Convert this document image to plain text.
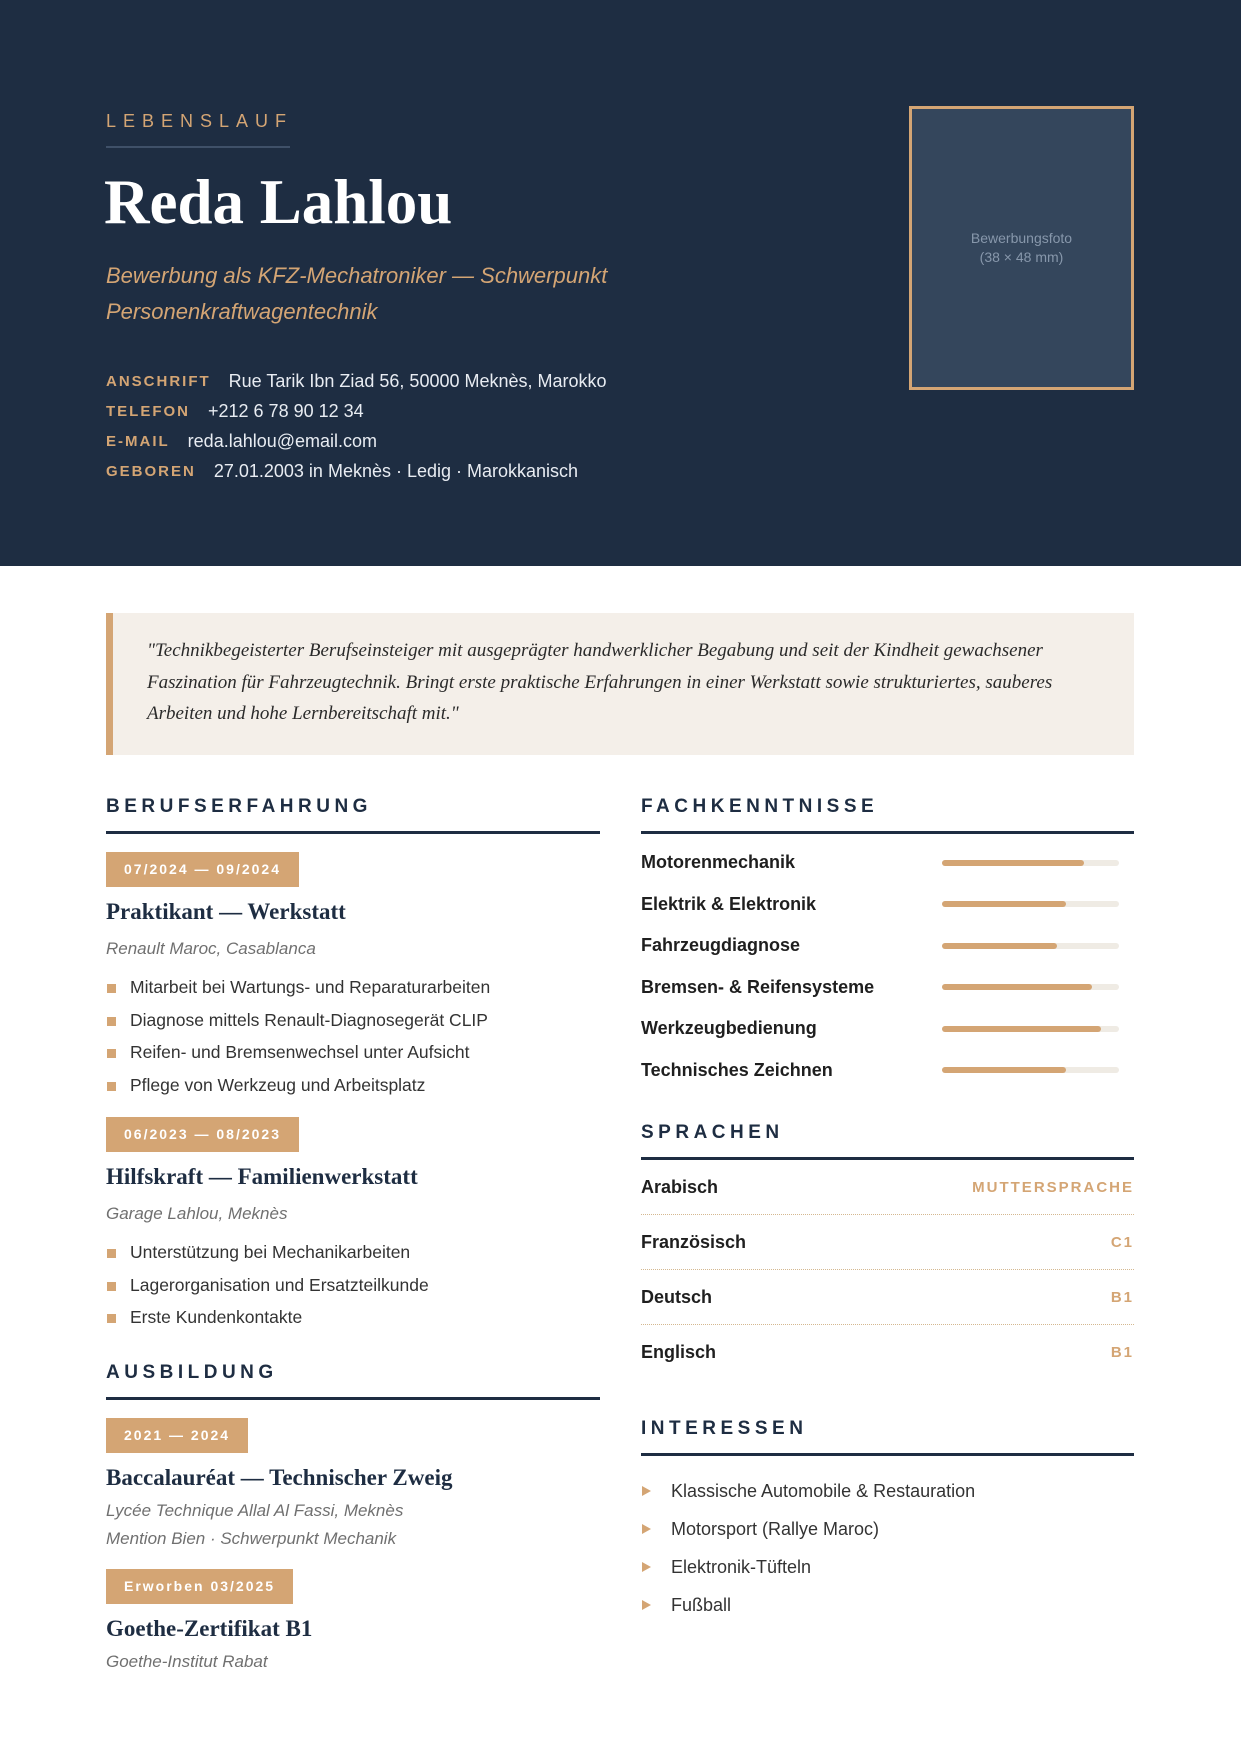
LEBENSLAUF
Reda Lahlou
Bewerbung als KFZ-Mechatroniker — Schwerpunkt Personenkraftwagentechnik
ANSCHRIFT Rue Tarik Ibn Ziad 56, 50000 Meknès, Marokko
TELEFON +212 6 78 90 12 34
E-MAIL reda.lahlou@email.com
GEBOREN 27.01.2003 in Meknès · Ledig · Marokkanisch
Bewerbungsfoto
(38 × 48 mm)

"Technikbegeisterter Berufseinsteiger mit ausgeprägter handwerklicher Begabung und seit der Kindheit gewachsener Faszination für Fahrzeugtechnik. Bringt erste praktische Erfahrungen in einer Werkstatt sowie strukturiertes, sauberes Arbeiten und hohe Lernbereitschaft mit."

BERUFSERFAHRUNG
07/2024 — 09/2024
Praktikant — Werkstatt
Renault Maroc, Casablanca
Mitarbeit bei Wartungs- und Reparaturarbeiten
Diagnose mittels Renault-Diagnosegerät CLIP
Reifen- und Bremsenwechsel unter Aufsicht
Pflege von Werkzeug und Arbeitsplatz
06/2023 — 08/2023
Hilfskraft — Familienwerkstatt
Garage Lahlou, Meknès
Unterstützung bei Mechanikarbeiten
Lagerorganisation und Ersatzteilkunde
Erste Kundenkontakte
AUSBILDUNG
2021 — 2024
Baccalauréat — Technischer Zweig
Lycée Technique Allal Al Fassi, Meknès
Mention Bien · Schwerpunkt Mechanik
Erworben 03/2025
Goethe-Zertifikat B1
Goethe-Institut Rabat
FACHKENNTNISSE
Motorenmechanik
Elektrik & Elektronik
Fahrzeugdiagnose
Bremsen- & Reifensysteme
Werkzeugbedienung
Technisches Zeichnen
SPRACHEN
Arabisch	MUTTERSPRACHE
Französisch	C1
Deutsch	B1
Englisch	B1
INTERESSEN
Klassische Automobile & Restauration
Motorsport (Rallye Maroc)
Elektronik-Tüfteln
Fußball
